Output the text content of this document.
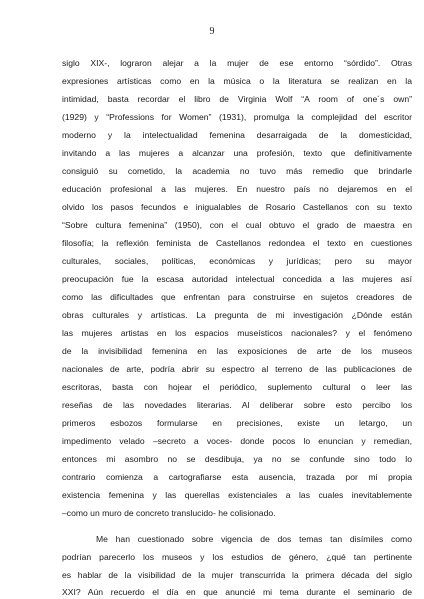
9
siglo XIX-, lograron alejar a la mujer de ese entorno “sórdido”. Otras
expresiones artísticas como en la música o la literatura se realizan en la
intimidad, basta recordar el libro de Virginia Wolf “A room of one´s own”
(1929) y “Professions for Women” (1931), promulga la complejidad del escritor
moderno y la intelectualidad femenina desarraigada de la domesticidad,
invitando a las mujeres a alcanzar una profesión, texto que definitivamente
consiguió su cometido, la academia no tuvo más remedio que brindarle
educación profesional a las mujeres. En nuestro país no dejaremos en el
olvido los pasos fecundos e inigualables de Rosario Castellanos con su texto
“Sobre cultura femenina” (1950), con el cual obtuvo el grado de maestra en
filosofía; la reflexión feminista de Castellanos redondea el texto en cuestiones
culturales, sociales, políticas, económicas y jurídicas; pero su mayor
preocupación fue la escasa autoridad intelectual concedida a las mujeres así
como las dificultades que enfrentan para construirse en sujetos creadores de
obras culturales y artísticas. La pregunta de mi investigación ¿Dónde están
las mujeres artistas en los espacios museísticos nacionales? y el fenómeno
de la invisibilidad femenina en las exposiciones de arte de los museos
nacionales de arte, podría abrir su espectro al terreno de las publicaciones de
escritoras, basta con hojear el periódico, suplemento cultural o leer las
reseñas de las novedades literarias. Al deliberar sobre esto percibo los
primeros esbozos formularse en precisiones, existe un letargo, un
impedimento velado –secreto a voces- donde pocos lo enuncian y remedian,
entonces mi asombro no se desdibuja, ya no se confunde sino todo lo
contrario comienza a cartografiarse esta ausencia, trazada por mi propia
existencia femenina y las querellas existenciales a las cuales inevitablemente
–como un muro de concreto translucido- he colisionado.
Me han cuestionado sobre vigencia de dos temas tan disímiles como
podrían parecerlo los museos y los estudios de género, ¿qué tan pertinente
es hablar de la visibilidad de la mujer transcurrida la primera década del siglo
XXI? Aún recuerdo el día en que anuncié mi tema durante el seminario de
